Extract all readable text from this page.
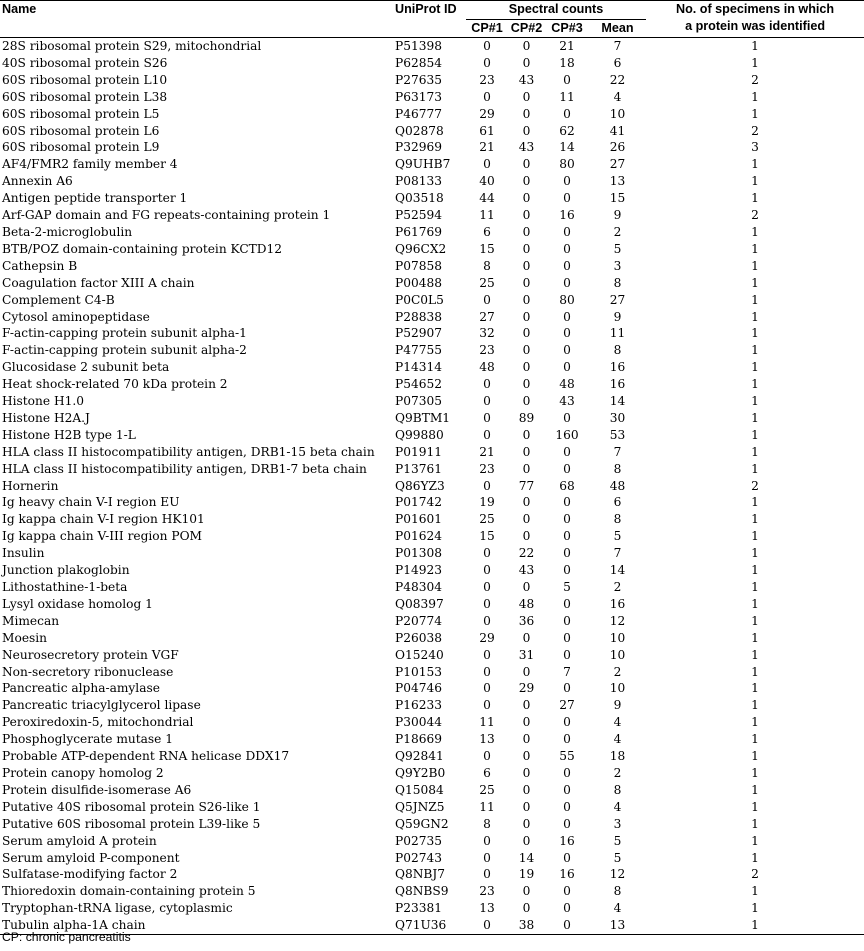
Name	UniProt ID	Spectral counts				No. of specimens in which
a protein was identified
		CP#1	CP#2	CP#3	Mean	
28S ribosomal protein S29, mitochondrial	P51398	0	0	21	7	1
40S ribosomal protein S26	P62854	0	0	18	6	1
60S ribosomal protein L10	P27635	23	43	0	22	2
60S ribosomal protein L38	P63173	0	0	11	4	1
60S ribosomal protein L5	P46777	29	0	0	10	1
60S ribosomal protein L6	Q02878	61	0	62	41	2
60S ribosomal protein L9	P32969	21	43	14	26	3
AF4/FMR2 family member 4	Q9UHB7	0	0	80	27	1
Annexin A6	P08133	40	0	0	13	1
Antigen peptide transporter 1	Q03518	44	0	0	15	1
Arf-GAP domain and FG repeats-containing protein 1	P52594	11	0	16	9	2
Beta-2-microglobulin	P61769	6	0	0	2	1
BTB/POZ domain-containing protein KCTD12	Q96CX2	15	0	0	5	1
Cathepsin B	P07858	8	0	0	3	1
Coagulation factor XIII A chain	P00488	25	0	0	8	1
Complement C4-B	P0C0L5	0	0	80	27	1
Cytosol aminopeptidase	P28838	27	0	0	9	1
F-actin-capping protein subunit alpha-1	P52907	32	0	0	11	1
F-actin-capping protein subunit alpha-2	P47755	23	0	0	8	1
Glucosidase 2 subunit beta	P14314	48	0	0	16	1
Heat shock-related 70 kDa protein 2	P54652	0	0	48	16	1
Histone H1.0	P07305	0	0	43	14	1
Histone H2A.J	Q9BTM1	0	89	0	30	1
Histone H2B type 1-L	Q99880	0	0	160	53	1
HLA class II histocompatibility antigen, DRB1-15 beta chain	P01911	21	0	0	7	1
HLA class II histocompatibility antigen, DRB1-7 beta chain	P13761	23	0	0	8	1
Hornerin	Q86YZ3	0	77	68	48	2
Ig heavy chain V-I region EU	P01742	19	0	0	6	1
Ig kappa chain V-I region HK101	P01601	25	0	0	8	1
Ig kappa chain V-III region POM	P01624	15	0	0	5	1
Insulin	P01308	0	22	0	7	1
Junction plakoglobin	P14923	0	43	0	14	1
Lithostathine-1-beta	P48304	0	0	5	2	1
Lysyl oxidase homolog 1	Q08397	0	48	0	16	1
Mimecan	P20774	0	36	0	12	1
Moesin	P26038	29	0	0	10	1
Neurosecretory protein VGF	O15240	0	31	0	10	1
Non-secretory ribonuclease	P10153	0	0	7	2	1
Pancreatic alpha-amylase	P04746	0	29	0	10	1
Pancreatic triacylglycerol lipase	P16233	0	0	27	9	1
Peroxiredoxin-5, mitochondrial	P30044	11	0	0	4	1
Phosphoglycerate mutase 1	P18669	13	0	0	4	1
Probable ATP-dependent RNA helicase DDX17	Q92841	0	0	55	18	1
Protein canopy homolog 2	Q9Y2B0	6	0	0	2	1
Protein disulfide-isomerase A6	Q15084	25	0	0	8	1
Putative 40S ribosomal protein S26-like 1	Q5JNZ5	11	0	0	4	1
Putative 60S ribosomal protein L39-like 5	Q59GN2	8	0	0	3	1
Serum amyloid A protein	P02735	0	0	16	5	1
Serum amyloid P-component	P02743	0	14	0	5	1
Sulfatase-modifying factor 2	Q8NBJ7	0	19	16	12	2
Thioredoxin domain-containing protein 5	Q8NBS9	23	0	0	8	1
Tryptophan-tRNA ligase, cytoplasmic	P23381	13	0	0	4	1
Tubulin alpha-1A chain	Q71U36	0	38	0	13	1
CP: chronic pancreatitis
